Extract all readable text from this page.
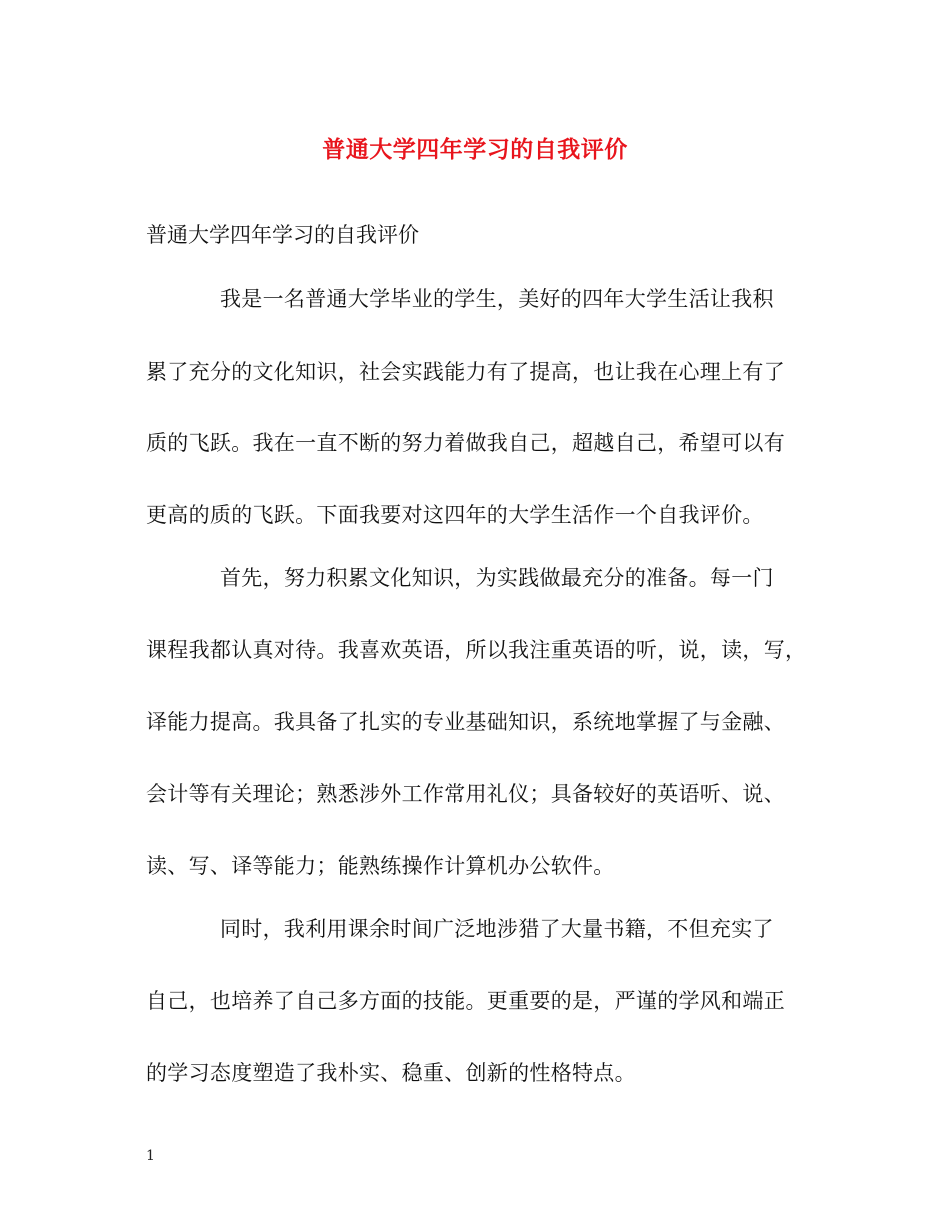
普通大学四年学习的自我评价
普通大学四年学习的自我评价
我是一名普通大学毕业的学生，美好的四年大学生活让我积
累了充分的文化知识，社会实践能力有了提高，也让我在心理上有了
质的飞跃。我在一直不断的努力着做我自己，超越自己，希望可以有
更高的质的飞跃。下面我要对这四年的大学生活作一个自我评价。
首先，努力积累文化知识，为实践做最充分的准备。每一门
课程我都认真对待。我喜欢英语，所以我注重英语的听，说，读，写，
译能力提高。我具备了扎实的专业基础知识，系统地掌握了与金融、
会计等有关理论；熟悉涉外工作常用礼仪；具备较好的英语听、说、
读、写、译等能力；能熟练操作计算机办公软件。
同时，我利用课余时间广泛地涉猎了大量书籍，不但充实了
自己，也培养了自己多方面的技能。更重要的是，严谨的学风和端正
的学习态度塑造了我朴实、稳重、创新的性格特点。
1
